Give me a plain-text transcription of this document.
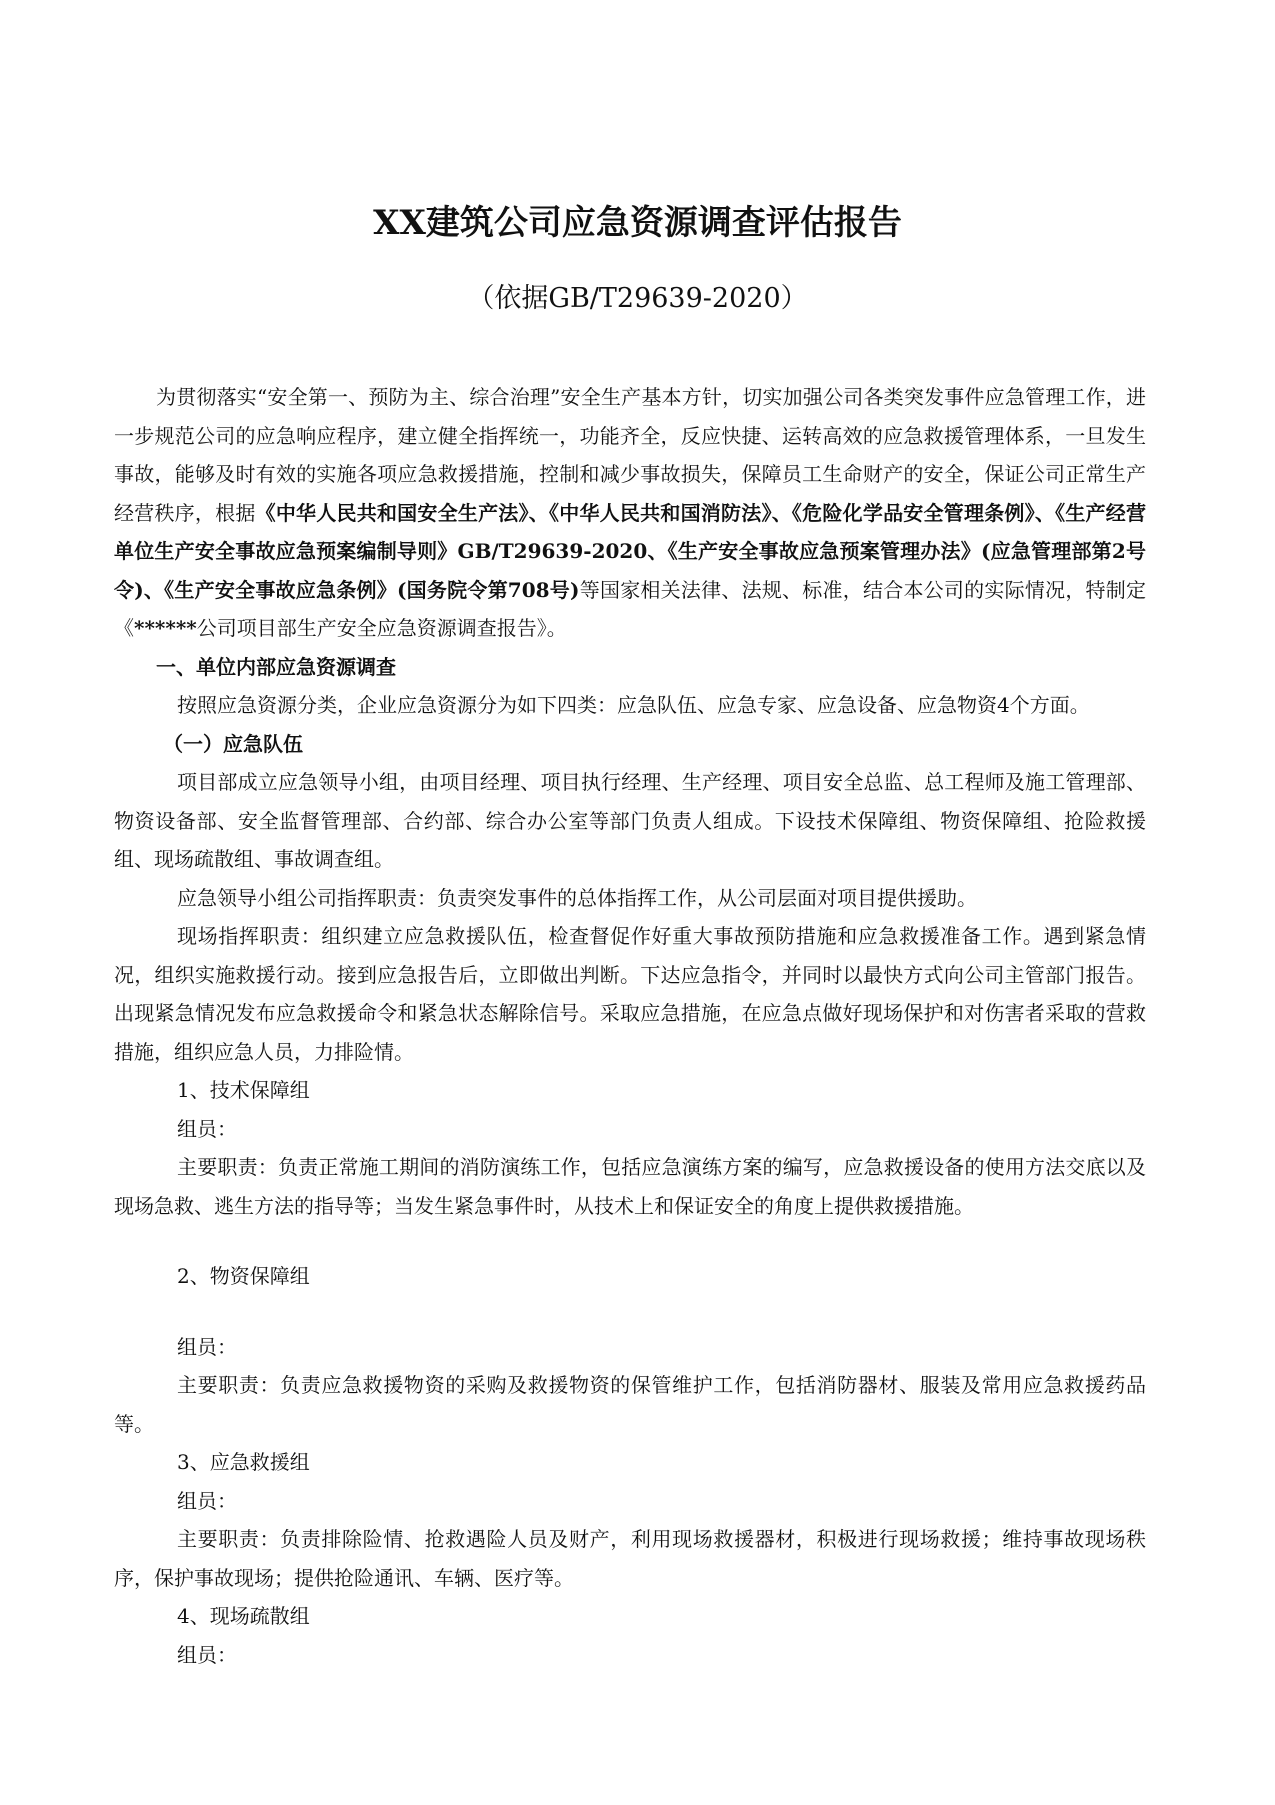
XX建筑公司应急资源调查评估报告
（依据GB/T29639-2020）

为贯彻落实“安全第一、预防为主、综合治理”安全生产基本方针，切实加强公司各类突发事件应急管理工作，进一步规范公司的应急响应程序，建立健全指挥统一，功能齐全，反应快捷、运转高效的应急救援管理体系，一旦发生事故，能够及时有效的实施各项应急救援措施，控制和减少事故损失，保障员工生命财产的安全，保证公司正常生产经营秩序，根据《中华人民共和国安全生产法》、《中华人民共和国消防法》、《危险化学品安全管理条例》、《生产经营单位生产安全事故应急预案编制导则》GB/T29639-2020、《生产安全事故应急预案管理办法》(应急管理部第2号令)、《生产安全事故应急条例》(国务院令第708号)等国家相关法律、法规、标准，结合本公司的实际情况，特制定《******公司项目部生产安全应急资源调查报告》。

一、单位内部应急资源调查

按照应急资源分类，企业应急资源分为如下四类：应急队伍、应急专家、应急设备、应急物资4个方面。

（一）应急队伍

项目部成立应急领导小组，由项目经理、项目执行经理、生产经理、项目安全总监、总工程师及施工管理部、物资设备部、安全监督管理部、合约部、综合办公室等部门负责人组成。下设技术保障组、物资保障组、抢险救援组、现场疏散组、事故调查组。

应急领导小组公司指挥职责：负责突发事件的总体指挥工作，从公司层面对项目提供援助。

现场指挥职责：组织建立应急救援队伍，检查督促作好重大事故预防措施和应急救援准备工作。遇到紧急情况，组织实施救援行动。接到应急报告后，立即做出判断。下达应急指令，并同时以最快方式向公司主管部门报告。出现紧急情况发布应急救援命令和紧急状态解除信号。采取应急措施，在应急点做好现场保护和对伤害者采取的营救措施，组织应急人员，力排险情。

1、技术保障组

组员：

主要职责：负责正常施工期间的消防演练工作，包括应急演练方案的编写，应急救援设备的使用方法交底以及现场急救、逃生方法的指导等；当发生紧急事件时，从技术上和保证安全的角度上提供救援措施。

2、物资保障组

组员：

主要职责：负责应急救援物资的采购及救援物资的保管维护工作，包括消防器材、服装及常用应急救援药品等。

3、应急救援组

组员：

主要职责：负责排除险情、抢救遇险人员及财产，利用现场救援器材，积极进行现场救援；维持事故现场秩序，保护事故现场；提供抢险通讯、车辆、医疗等。

4、现场疏散组

组员：
